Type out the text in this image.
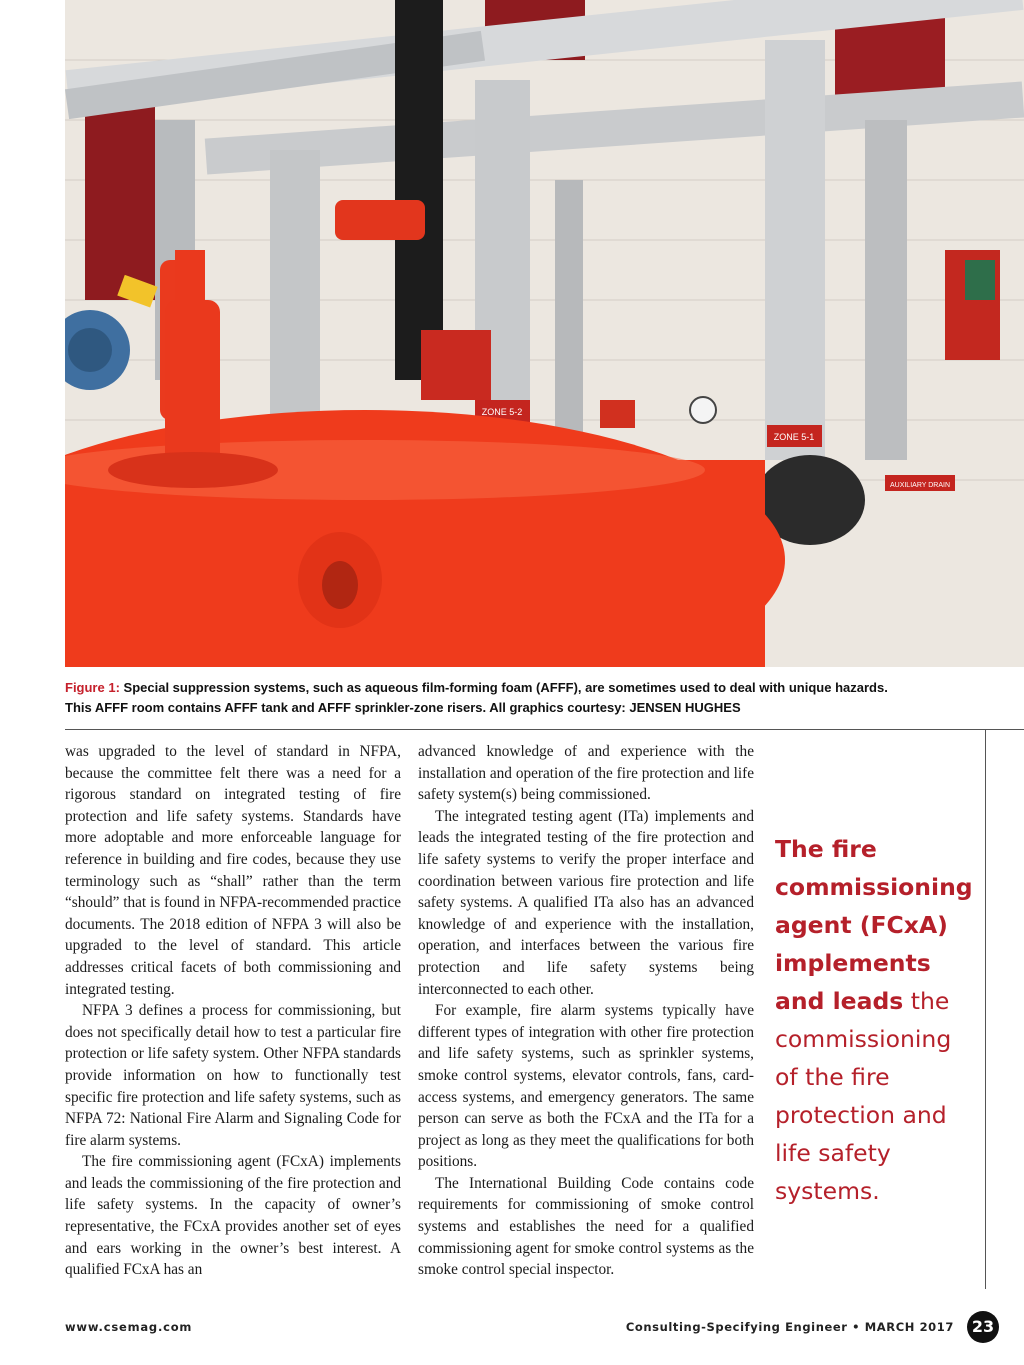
ZONE 5-2
ZONE 5-1
AUXILIARY DRAIN
Figure 1: Special suppression systems, such as aqueous film-forming foam (AFFF), are sometimes used to deal with unique hazards.
This AFFF room contains AFFF tank and AFFF sprinkler-zone risers. All graphics courtesy: JENSEN HUGHES

was upgraded to the level of standard in NFPA, because the committee felt there was a need for a rigorous standard on integrated testing of fire protection and life safety systems. Standards have more adoptable and more enforceable language for reference in building and fire codes, because they use terminology such as “shall” rather than the term “should” that is found in NFPA-recommended practice documents. The 2018 edition of NFPA 3 will also be upgraded to the level of standard. This article addresses critical facets of both commissioning and integrated testing.

NFPA 3 defines a process for commissioning, but does not specifically detail how to test a particular fire protection or life safety system. Other NFPA standards provide information on how to functionally test specific fire protection and life safety systems, such as NFPA 72: National Fire Alarm and Signaling Code for fire alarm systems.

The fire commissioning agent (FCxA) implements and leads the commissioning of the fire protection and life safety systems. In the capacity of owner’s representative, the FCxA provides another set of eyes and ears working in the owner’s best interest. A qualified FCxA has an

advanced knowledge of and experience with the installation and operation of the fire protection and life safety system(s) being commissioned.

The integrated testing agent (ITa) implements and leads the integrated testing of the fire protection and life safety systems to verify the proper interface and coordination between various fire protection and life safety systems. A qualified ITa also has an advanced knowledge of and experience with the installation, operation, and interfaces between the various fire protection and life safety systems being interconnected to each other.

For example, fire alarm systems typically have different types of integration with other fire protection and life safety systems, such as sprinkler systems, smoke control systems, elevator controls, fans, card-access systems, and emergency generators. The same person can serve as both the FCxA and the ITa for a project as long as they meet the qualifications for both positions.

The International Building Code contains code requirements for commissioning of smoke control systems and establishes the need for a qualified commissioning agent for smoke control systems as the smoke control special inspector.

The fire commissioning agent (FCxA) implements and leads the commissioning of the fire protection and life safety systems.
www.csemag.com	Consulting-Specifying Engineer • MARCH 2017	23
